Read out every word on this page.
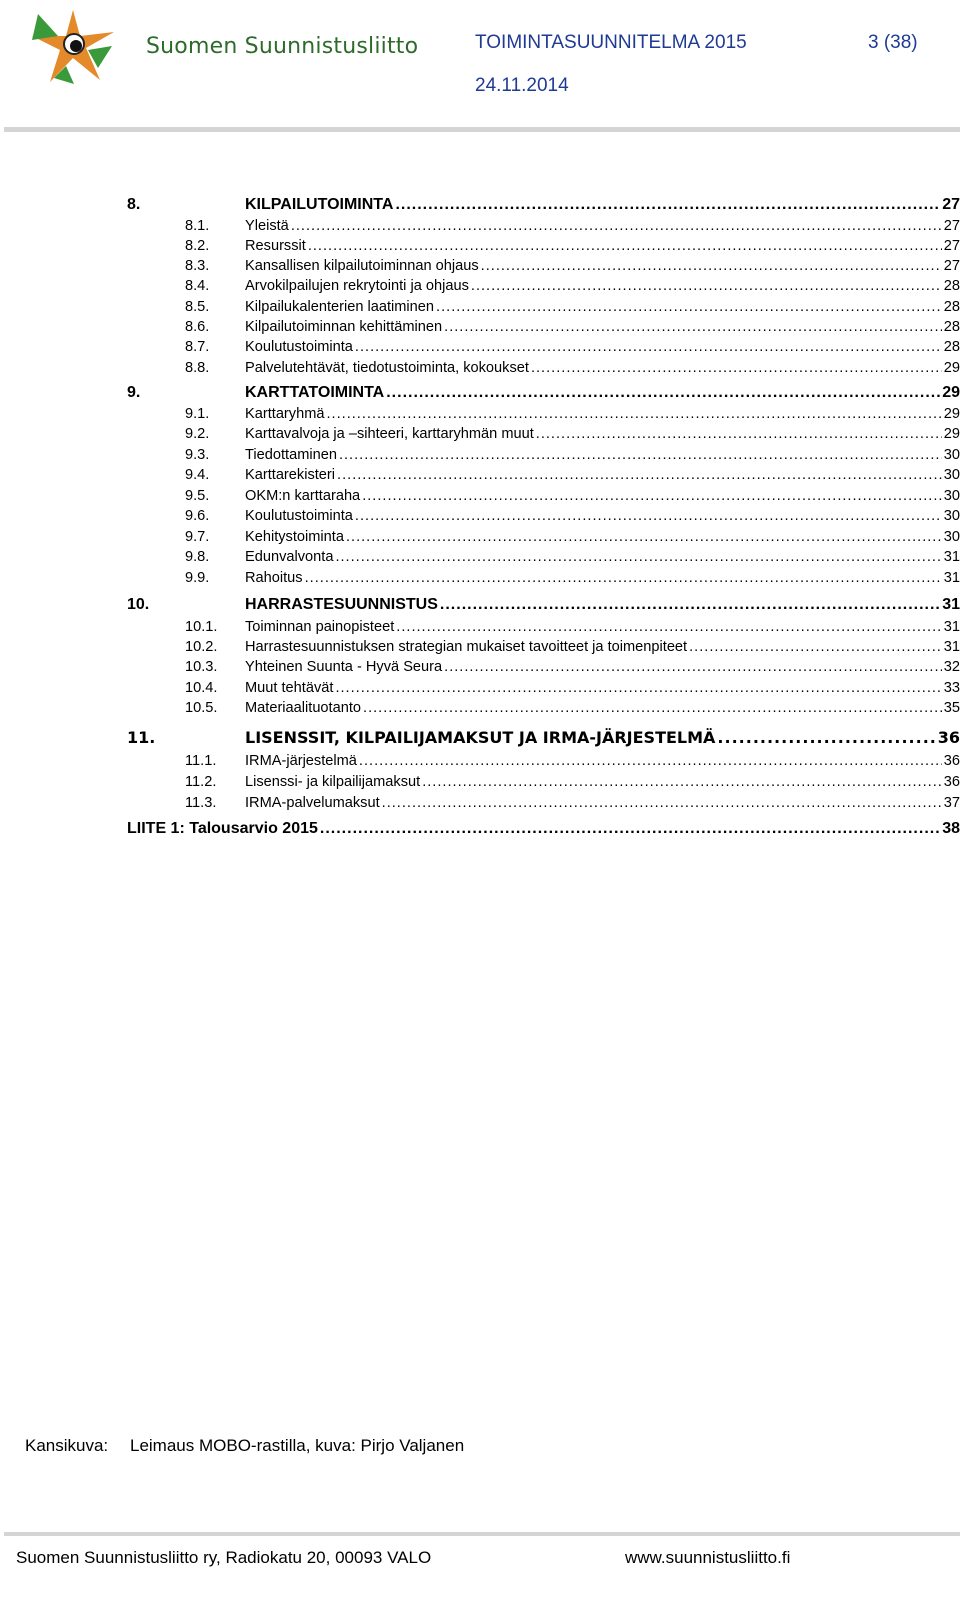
Suomen Suunnistusliitto	TOIMINTASUUNNITELMA 2015	3 (38)
24.11.2014
8.	KILPAILUTOIMINTA .....	27
8.1.	Yleistä .....	27
8.2.	Resurssit .....	27
8.3.	Kansallisen kilpailutoiminnan ohjaus .....	27
8.4.	Arvokilpailujen rekrytointi ja ohjaus .....	28
8.5.	Kilpailukalenterien laatiminen .....	28
8.6.	Kilpailutoiminnan kehittäminen .....	28
8.7.	Koulutustoiminta .....	28
8.8.	Palvelutehtävät, tiedotustoiminta, kokoukset .....	29
9.	KARTTATOIMINTA .....	29
9.1.	Karttaryhmä .....	29
9.2.	Karttavalvoja ja –sihteeri, karttaryhmän muut .....	29
9.3.	Tiedottaminen .....	30
9.4.	Karttarekisteri .....	30
9.5.	OKM:n karttaraha .....	30
9.6.	Koulutustoiminta .....	30
9.7.	Kehitystoiminta .....	30
9.8.	Edunvalvonta .....	31
9.9.	Rahoitus .....	31
10.	HARRASTESUUNNISTUS .....	31
10.1.	Toiminnan painopisteet .....	31
10.2.	Harrastesuunnistuksen strategian mukaiset tavoitteet ja toimenpiteet .....	31
10.3.	Yhteinen Suunta - Hyvä Seura .....	32
10.4.	Muut tehtävät .....	33
10.5.	Materiaalituotanto .....	35
11.	LISENSSIT, KILPAILIJAMAKSUT JA IRMA-JÄRJESTELMÄ .....	36
11.1.	IRMA-järjestelmä .....	36
11.2.	Lisenssi- ja kilpailijamaksut .....	36
11.3.	IRMA-palvelumaksut .....	37
LIITE 1: Talousarvio 2015 .....	38
Kansikuva: Leimaus MOBO-rastilla, kuva: Pirjo Valjanen
Suomen Suunnistusliitto ry, Radiokatu 20, 00093 VALO	www.suunnistusliitto.fi
